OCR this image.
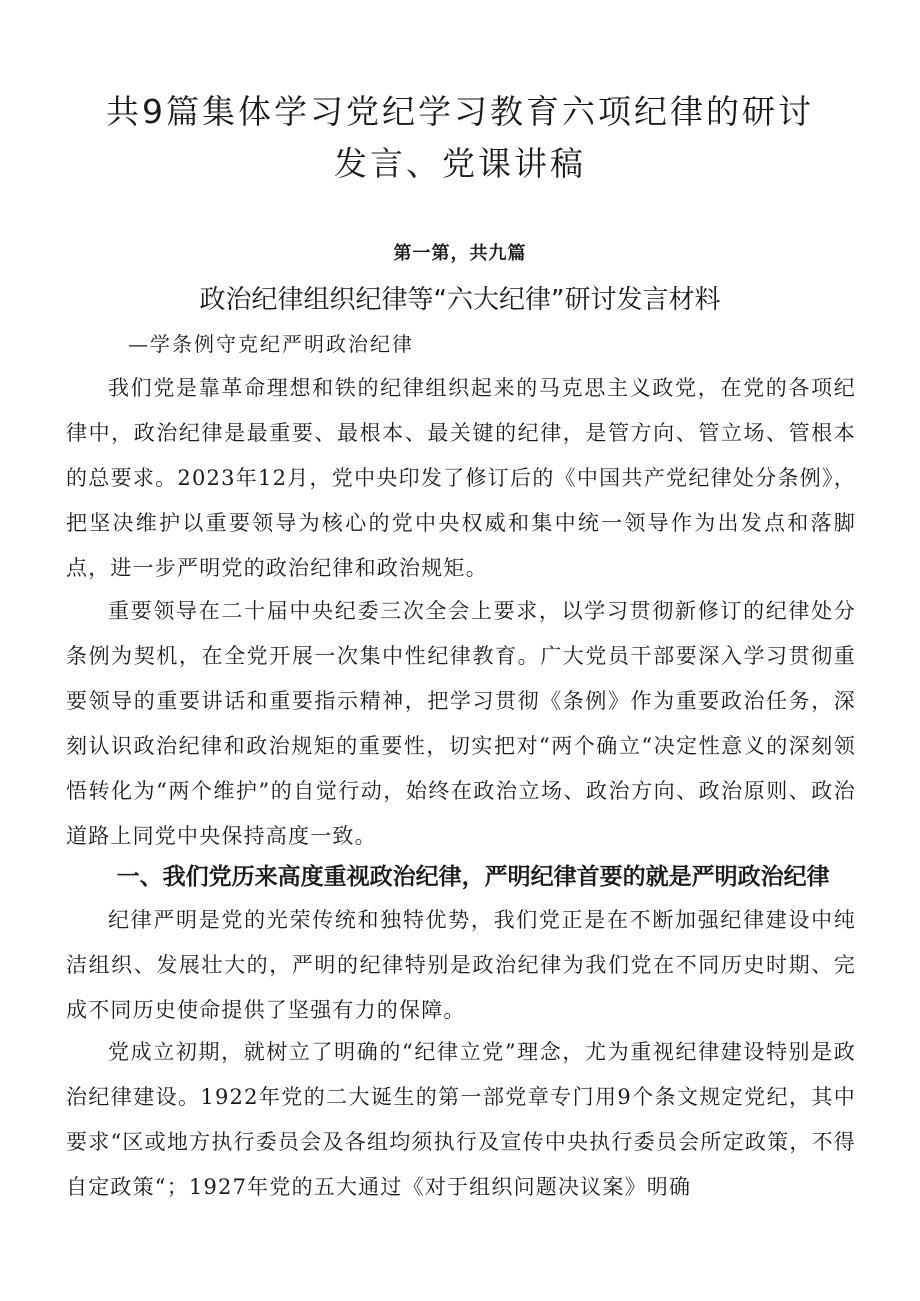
共9篇集体学习党纪学习教育六项纪律的研讨发言、党课讲稿

第一第，共九篇

政治纪律组织纪律等“六大纪律”研讨发言材料

—学条例守克纪严明政治纪律

我们党是靠革命理想和铁的纪律组织起来的马克思主义政党，在党的各项纪律中，政治纪律是最重要、最根本、最关键的纪律，是管方向、管立场、管根本的总要求。2023年12月，党中央印发了修订后的《中国共产党纪律处分条例》，把坚决维护以重要领导为核心的党中央权威和集中统一领导作为出发点和落脚点，进一步严明党的政治纪律和政治规矩。

重要领导在二十届中央纪委三次全会上要求，以学习贯彻新修订的纪律处分条例为契机，在全党开展一次集中性纪律教育。广大党员干部要深入学习贯彻重要领导的重要讲话和重要指示精神，把学习贯彻《条例》作为重要政治任务，深刻认识政治纪律和政治规矩的重要性，切实把对“两个确立“决定性意义的深刻领悟转化为“两个维护”的自觉行动，始终在政治立场、政治方向、政治原则、政治道路上同党中央保持高度一致。

一、我们党历来高度重视政治纪律，严明纪律首要的就是严明政治纪律

纪律严明是党的光荣传统和独特优势，我们党正是在不断加强纪律建设中纯洁组织、发展壮大的，严明的纪律特别是政治纪律为我们党在不同历史时期、完成不同历史使命提供了坚强有力的保障。

党成立初期，就树立了明确的“纪律立党”理念，尤为重视纪律建设特别是政治纪律建设。1922年党的二大诞生的第一部党章专门用9个条文规定党纪，其中要求“区或地方执行委员会及各组均须执行及宣传中央执行委员会所定政策，不得自定政策“；1927年党的五大通过《对于组织问题决议案》明确
